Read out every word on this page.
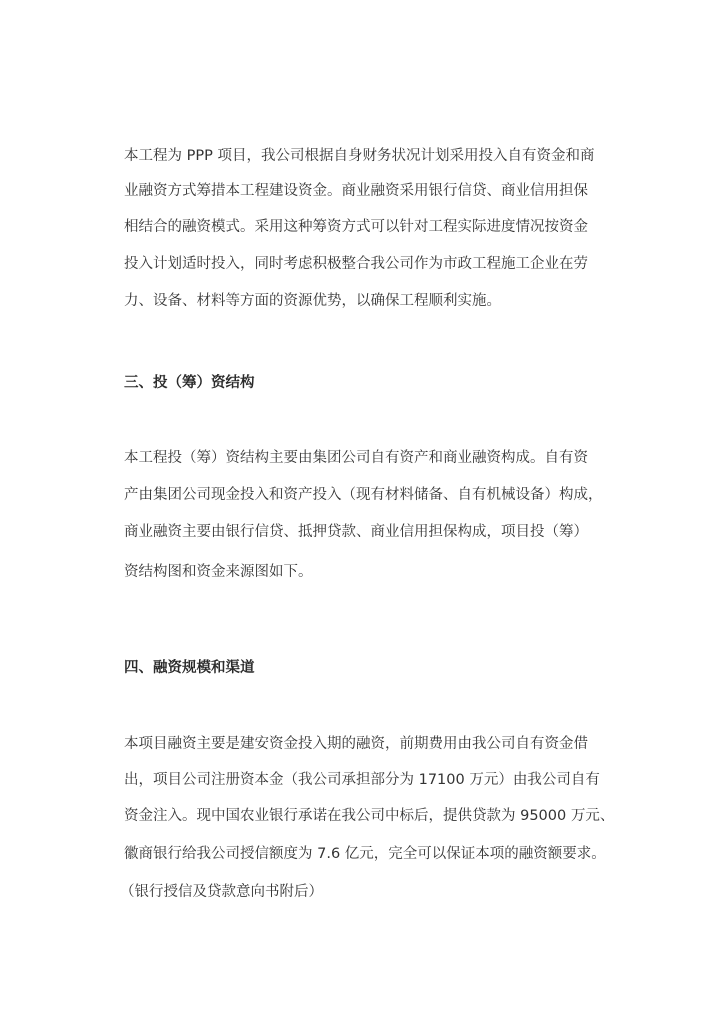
本工程为 PPP 项目，我公司根据自身财务状况计划采用投入自有资金和商
业融资方式筹措本工程建设资金。商业融资采用银行信贷、商业信用担保
相结合的融资模式。采用这种筹资方式可以针对工程实际进度情况按资金
投入计划适时投入，同时考虑积极整合我公司作为市政工程施工企业在劳
力、设备、材料等方面的资源优势，以确保工程顺利实施。
三、投（筹）资结构
本工程投（筹）资结构主要由集团公司自有资产和商业融资构成。自有资
产由集团公司现金投入和资产投入（现有材料储备、自有机械设备）构成，
商业融资主要由银行信贷、抵押贷款、商业信用担保构成，项目投（筹）
资结构图和资金来源图如下。
四、融资规模和渠道
本项目融资主要是建安资金投入期的融资，前期费用由我公司自有资金借
出，项目公司注册资本金（我公司承担部分为 17100 万元）由我公司自有
资金注入。现中国农业银行承诺在我公司中标后，提供贷款为 95000 万元、
徽商银行给我公司授信额度为 7.6 亿元，完全可以保证本项的融资额要求。
（银行授信及贷款意向书附后）
